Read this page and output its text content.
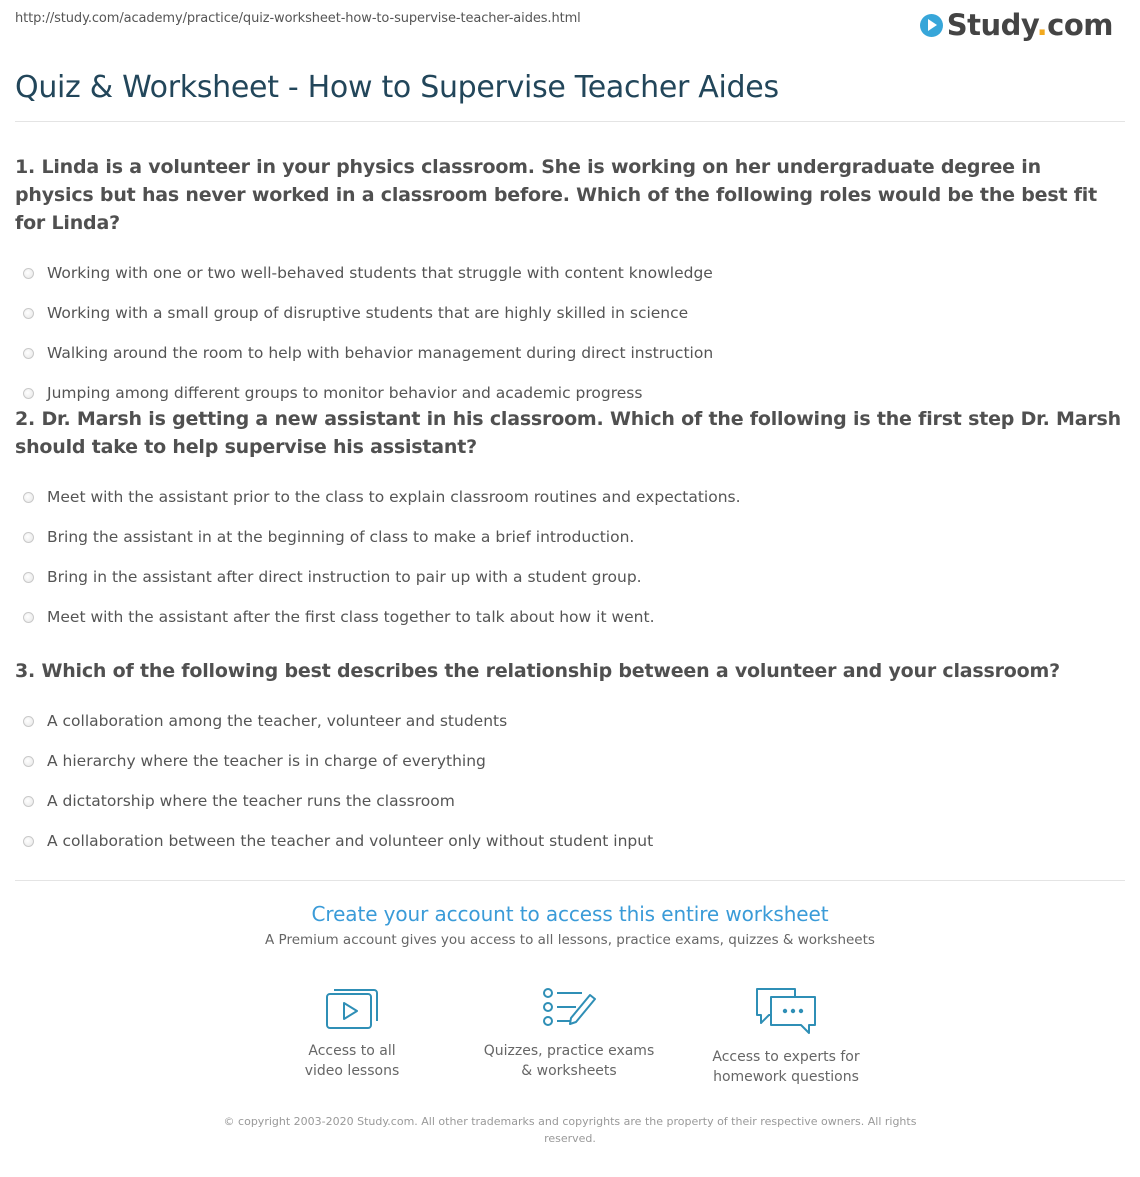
http://study.com/academy/practice/quiz-worksheet-how-to-supervise-teacher-aides.html	Study.com
Quiz & Worksheet - How to Supervise Teacher Aides
1. Linda is a volunteer in your physics classroom. She is working on her undergraduate degree in physics but has never worked in a classroom before. Which of the following roles would be the best fit for Linda?
Working with one or two well-behaved students that struggle with content knowledge
Working with a small group of disruptive students that are highly skilled in science
Walking around the room to help with behavior management during direct instruction
Jumping among different groups to monitor behavior and academic progress
2. Dr. Marsh is getting a new assistant in his classroom. Which of the following is the first step Dr. Marsh should take to help supervise his assistant?
Meet with the assistant prior to the class to explain classroom routines and expectations.
Bring the assistant in at the beginning of class to make a brief introduction.
Bring in the assistant after direct instruction to pair up with a student group.
Meet with the assistant after the first class together to talk about how it went.
3. Which of the following best describes the relationship between a volunteer and your classroom?
A collaboration among the teacher, volunteer and students
A hierarchy where the teacher is in charge of everything
A dictatorship where the teacher runs the classroom
A collaboration between the teacher and volunteer only without student input
Create your account to access this entire worksheet
A Premium account gives you access to all lessons, practice exams, quizzes & worksheets
Access to all
video lessons
Quizzes, practice exams
& worksheets
Access to experts for
homework questions
© copyright 2003-2020 Study.com. All other trademarks and copyrights are the property of their respective owners. All rights
reserved.
